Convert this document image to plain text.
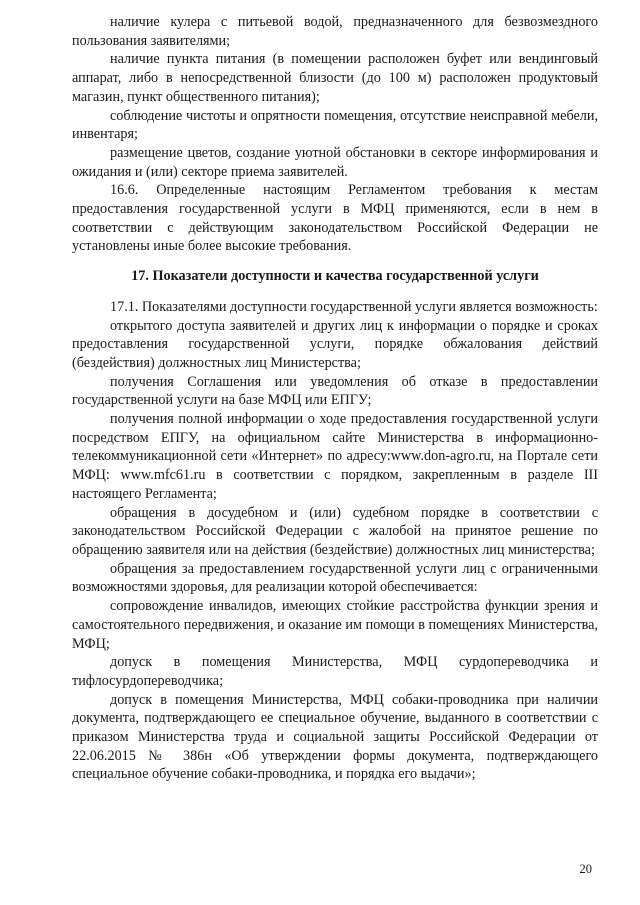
наличие кулера с питьевой водой, предназначенного для безвозмездного пользования заявителями;

наличие пункта питания (в помещении расположен буфет или вендинговый аппарат, либо в непосредственной близости (до 100 м) расположен продуктовый магазин, пункт общественного питания);

соблюдение чистоты и опрятности помещения, отсутствие неисправной мебели, инвентаря;

размещение цветов, создание уютной обстановки в секторе информирования и ожидания и (или) секторе приема заявителей.

16.6. Определенные настоящим Регламентом требования к местам предоставления государственной услуги в МФЦ применяются, если в нем в соответствии с действующим законодательством Российской Федерации не установлены иные более высокие требования.

17. Показатели доступности и качества государственной услуги

17.1. Показателями доступности государственной услуги является возможность:

открытого доступа заявителей и других лиц к информации о порядке и сроках предоставления государственной услуги, порядке обжалования действий (бездействия) должностных лиц Министерства;

получения Соглашения или уведомления об отказе в предоставлении государственной услуги на базе МФЦ или ЕПГУ;

получения полной информации о ходе предоставления государственной услуги посредством ЕПГУ, на официальном сайте Министерства в информационно-телекоммуникационной сети «Интернет» по адресу:www.don-agro.ru, на Портале сети МФЦ: www.mfc61.ru в соответствии с порядком, закрепленным в разделе III настоящего Регламента;

обращения в досудебном и (или) судебном порядке в соответствии с законодательством Российской Федерации с жалобой на принятое решение по обращению заявителя или на действия (бездействие) должностных лиц министерства;

обращения за предоставлением государственной услуги лиц с ограниченными возможностями здоровья, для реализации которой обеспечивается:

сопровождение инвалидов, имеющих стойкие расстройства функции зрения и самостоятельного передвижения, и оказание им помощи в помещениях Министерства, МФЦ;

допуск в помещения Министерства, МФЦ сурдопереводчика и тифлосурдопереводчика;

допуск в помещения Министерства, МФЦ собаки-проводника при наличии документа, подтверждающего ее специальное обучение, выданного в соответствии с приказом Министерства труда и социальной защиты Российской Федерации от 22.06.2015 № 386н «Об утверждении формы документа, подтверждающего специальное обучение собаки-проводника, и порядка его выдачи»;

20
